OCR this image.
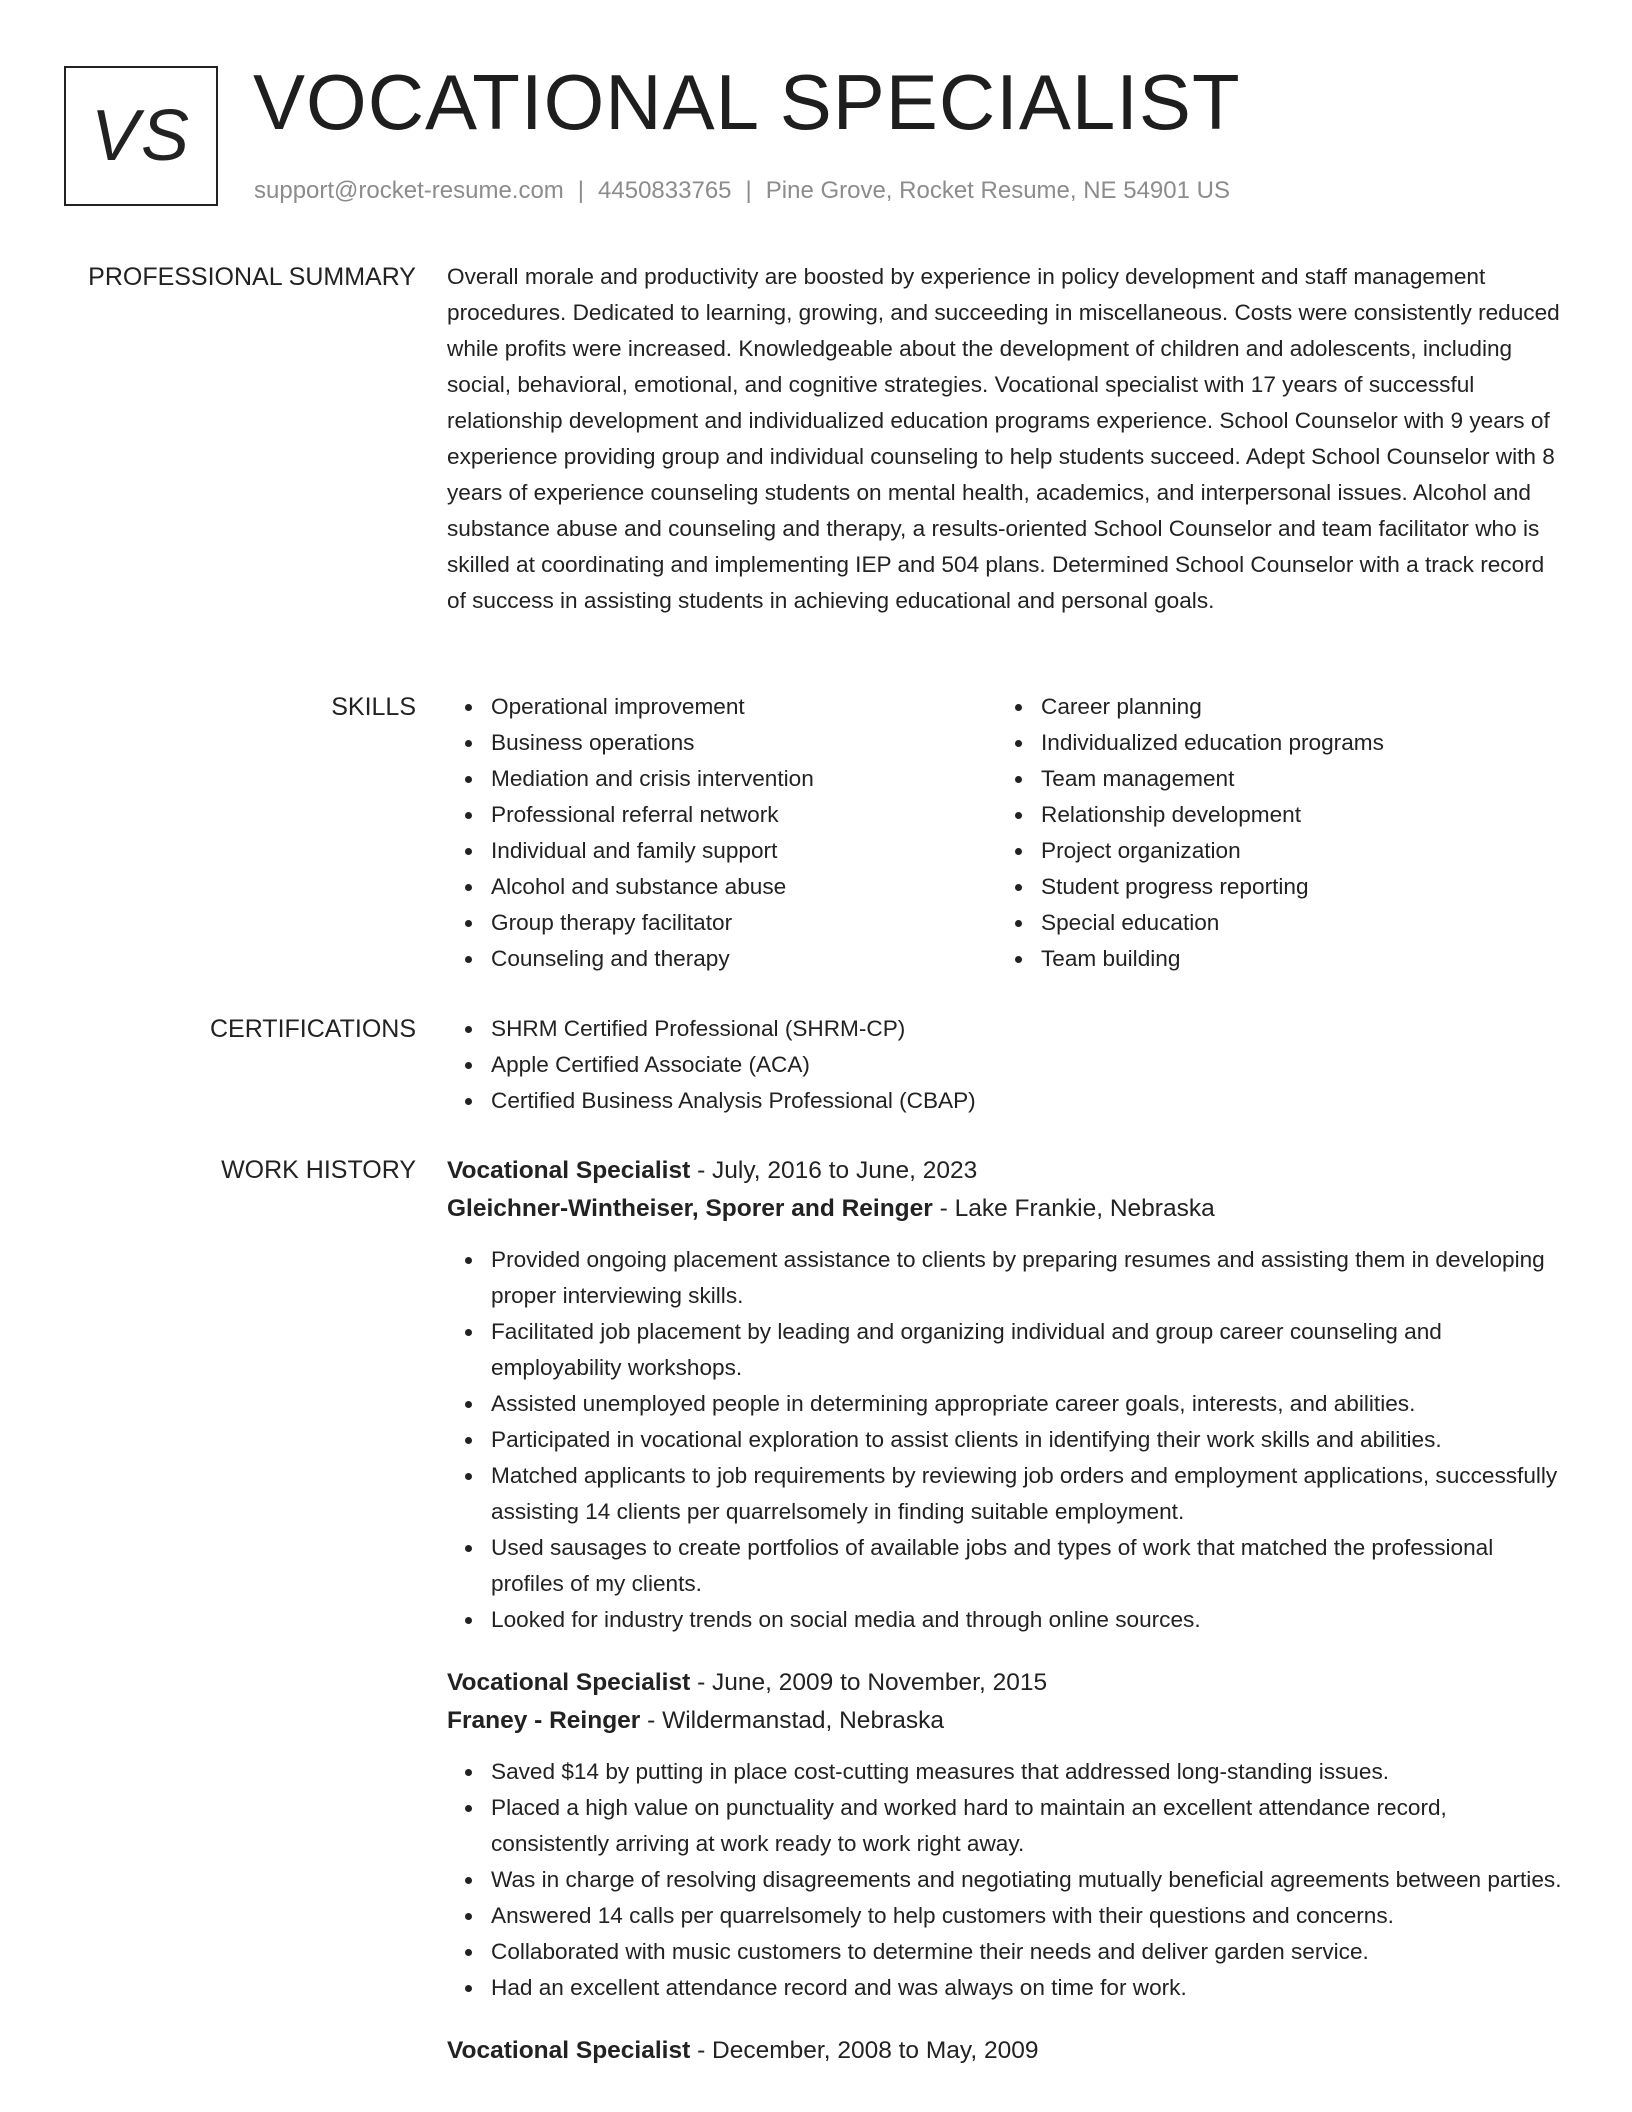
VS VOCATIONAL SPECIALIST
support@rocket-resume.com | 4450833765 | Pine Grove, Rocket Resume, NE 54901 US
PROFESSIONAL SUMMARY Overall morale and productivity are boosted by experience in policy development and staff management procedures. Dedicated to learning, growing, and succeeding in miscellaneous. Costs were consistently reduced while profits were increased. Knowledgeable about the development of children and adolescents, including social, behavioral, emotional, and cognitive strategies. Vocational specialist with 17 years of successful relationship development and individualized education programs experience. School Counselor with 9 years of experience providing group and individual counseling to help students succeed. Adept School Counselor with 8 years of experience counseling students on mental health, academics, and interpersonal issues. Alcohol and substance abuse and counseling and therapy, a results-oriented School Counselor and team facilitator who is skilled at coordinating and implementing IEP and 504 plans. Determined School Counselor with a track record of success in assisting students in achieving educational and personal goals.

SKILLS	Operational improvement
Business operations
Mediation and crisis intervention
Professional referral network
Individual and family support
Alcohol and substance abuse
Group therapy facilitator
Counseling and therapy
Career planning
Individualized education programs
Team management
Relationship development
Project organization
Student progress reporting
Special education
Team building
CERTIFICATIONS	SHRM Certified Professional (SHRM-CP)
Apple Certified Associate (ACA)
Certified Business Analysis Professional (CBAP)
WORK HISTORY Vocational Specialist - July, 2016 to June, 2023
Gleichner-Wintheiser, Sporer and Reinger - Lake Frankie, Nebraska
Provided ongoing placement assistance to clients by preparing resumes and assisting them in developing proper interviewing skills.
Facilitated job placement by leading and organizing individual and group career counseling and employability workshops.
Assisted unemployed people in determining appropriate career goals, interests, and abilities.
Participated in vocational exploration to assist clients in identifying their work skills and abilities.
Matched applicants to job requirements by reviewing job orders and employment applications, successfully assisting 14 clients per quarrelsomely in finding suitable employment.
Used sausages to create portfolios of available jobs and types of work that matched the professional profiles of my clients.
Looked for industry trends on social media and through online sources.
Vocational Specialist - June, 2009 to November, 2015
Franey - Reinger - Wildermanstad, Nebraska
Saved $14 by putting in place cost-cutting measures that addressed long-standing issues.
Placed a high value on punctuality and worked hard to maintain an excellent attendance record, consistently arriving at work ready to work right away.
Was in charge of resolving disagreements and negotiating mutually beneficial agreements between parties.
Answered 14 calls per quarrelsomely to help customers with their questions and concerns.
Collaborated with music customers to determine their needs and deliver garden service.
Had an excellent attendance record and was always on time for work.
Vocational Specialist - December, 2008 to May, 2009
